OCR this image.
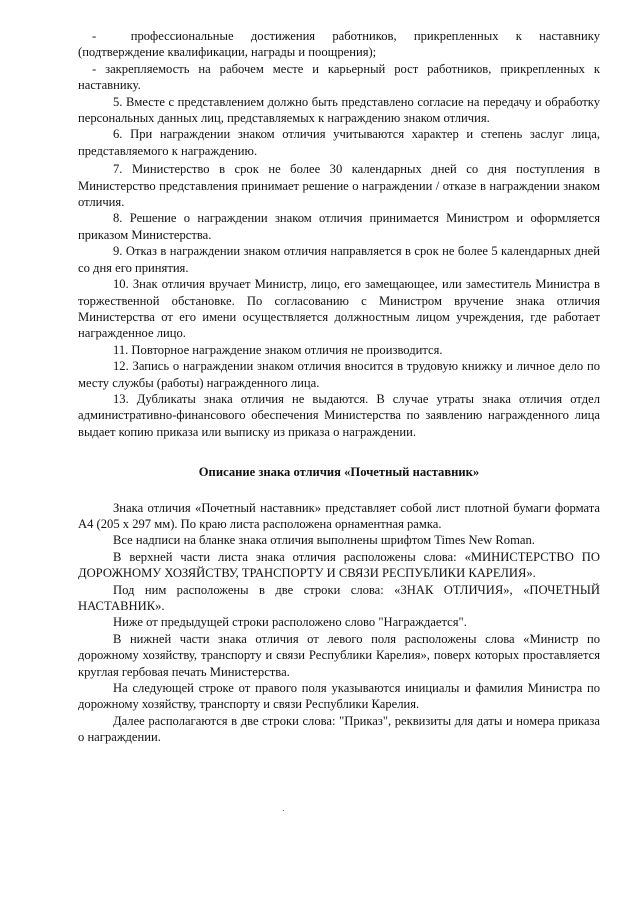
-        профессиональные    достижения    работников,    прикрепленных    к    наставнику (подтверждение квалификации, награды и поощрения);

- закрепляемость на рабочем месте и карьерный рост работников, прикрепленных к наставнику.

5. Вместе с представлением должно быть представлено согласие на передачу и обработку персональных данных лиц, представляемых к награждению знаком отличия.

6. При награждении знаком отличия учитываются характер и степень заслуг лица, представляемого к награждению.

7. Министерство в срок не более 30 календарных дней со дня поступления в Министерство представления принимает решение о награждении / отказе в награждении знаком отличия.

8. Решение о награждении знаком отличия принимается Министром и оформляется приказом Министерства.

9. Отказ в награждении знаком отличия направляется в срок не более 5 календарных дней со дня его принятия.

10. Знак отличия вручает Министр, лицо, его замещающее, или заместитель Министра в торжественной обстановке. По согласованию с Министром вручение знака отличия Министерства от его имени осуществляется должностным лицом учреждения, где работает награжденное лицо.

11. Повторное награждение знаком отличия не производится.

12. Запись о награждении знаком отличия вносится в трудовую книжку и личное дело по месту службы (работы) награжденного лица.

13. Дубликаты знака отличия не выдаются. В случае утраты знака отличия отдел административно-финансового обеспечения Министерства по заявлению награжденного лица выдает копию приказа или выписку из приказа о награждении.

Описание знака отличия «Почетный наставник»

Знака отличия «Почетный наставник» представляет собой лист плотной бумаги формата А4 (205 x 297 мм). По краю листа расположена орнаментная рамка.

Все надписи на бланке знака отличия выполнены шрифтом Times New Roman.

В верхней части листа знака отличия расположены слова: «МИНИСТЕРСТВО ПО ДОРОЖНОМУ ХОЗЯЙСТВУ, ТРАНСПОРТУ И СВЯЗИ РЕСПУБЛИКИ КАРЕЛИЯ».

Под ним расположены в две строки слова: «ЗНАК ОТЛИЧИЯ», «ПОЧЕТНЫЙ НАСТАВНИК».

Ниже от предыдущей строки расположено слово "Награждается".

В нижней части знака отличия от левого поля расположены слова «Министр по дорожному хозяйству, транспорту и связи Республики Карелия», поверх которых проставляется круглая гербовая печать Министерства.

На следующей строке от правого поля указываются инициалы и фамилия Министра по дорожному хозяйству, транспорту и связи Республики Карелия.

Далее располагаются в две строки слова: "Приказ", реквизиты для даты и номера приказа о награждении.
